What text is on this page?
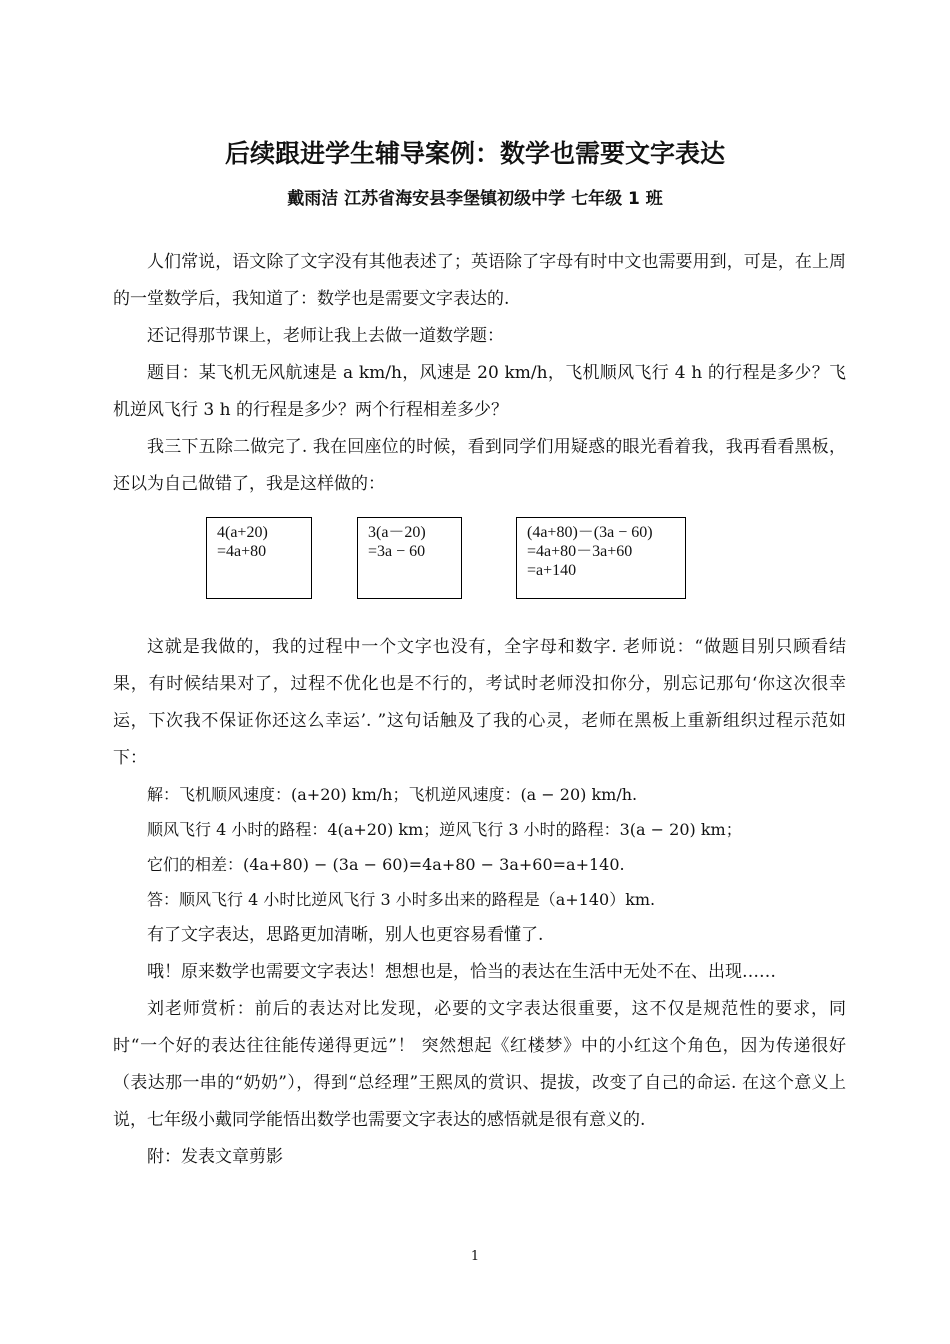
后续跟进学生辅导案例：数学也需要文字表达
戴雨洁 江苏省海安县李堡镇初级中学 七年级 1 班

人们常说，语文除了文字没有其他表述了；英语除了字母有时中文也需要用到，可是，在上周的一堂数学后，我知道了：数学也是需要文字表达的.

还记得那节课上，老师让我上去做一道数学题：

题目：某飞机无风航速是 a km/h，风速是 20 km/h，飞机顺风飞行 4 h 的行程是多少？飞机逆风飞行 3 h 的行程是多少？两个行程相差多少？

我三下五除二做完了. 我在回座位的时候，看到同学们用疑惑的眼光看着我，我再看看黑板，还以为自己做错了，我是这样做的：

4(a+20)
=4a+80
3(a－20)
=3a − 60
(4a+80)－(3a − 60)
=4a+80－3a+60
=a+140

这就是我做的，我的过程中一个文字也没有，全字母和数字. 老师说：“做题目别只顾看结果，有时候结果对了，过程不优化也是不行的，考试时老师没扣你分，别忘记那句‘你这次很幸运，下次我不保证你还这么幸运’. ”这句话触及了我的心灵，老师在黑板上重新组织过程示范如下：

解：飞机顺风速度：(a+20) km/h；飞机逆风速度：(a − 20) km/h.

顺风飞行 4 小时的路程：4(a+20) km；逆风飞行 3 小时的路程：3(a − 20) km；

它们的相差：(4a+80) − (3a − 60)=4a+80 − 3a+60=a+140.

答：顺风飞行 4 小时比逆风飞行 3 小时多出来的路程是（a+140）km.

有了文字表达，思路更加清晰，别人也更容易看懂了.

哦！原来数学也需要文字表达！想想也是，恰当的表达在生活中无处不在、出现……

刘老师赏析：前后的表达对比发现，必要的文字表达很重要，这不仅是规范性的要求，同时“一个好的表达往往能传递得更远”！ 突然想起《红楼梦》中的小红这个角色，因为传递很好（表达那一串的“奶奶”），得到“总经理”王熙凤的赏识、提拔，改变了自己的命运. 在这个意义上说，七年级小戴同学能悟出数学也需要文字表达的感悟就是很有意义的.

附：发表文章剪影

1
